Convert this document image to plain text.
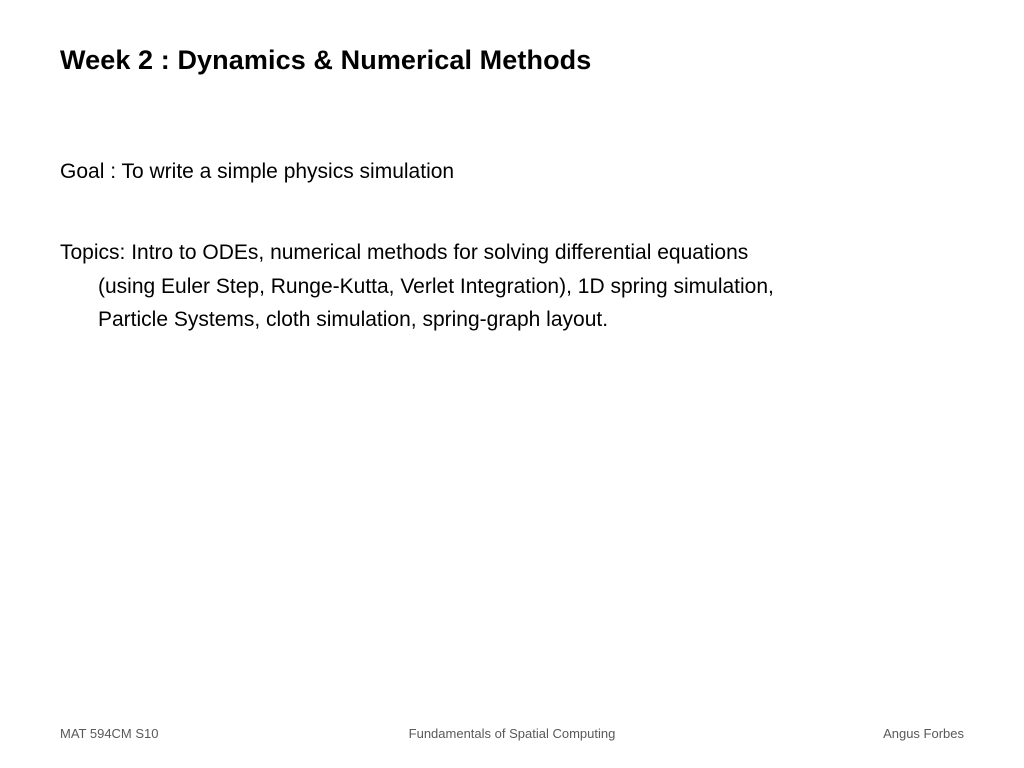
Week 2 : Dynamics & Numerical Methods

Goal : To write a simple physics simulation

Topics: Intro to ODEs, numerical methods for solving differential equations
(using Euler Step, Runge-Kutta, Verlet Integration), 1D spring simulation,
Particle Systems, cloth simulation, spring-graph layout.

MAT 594CM S10	Fundamentals of Spatial Computing	Angus Forbes
